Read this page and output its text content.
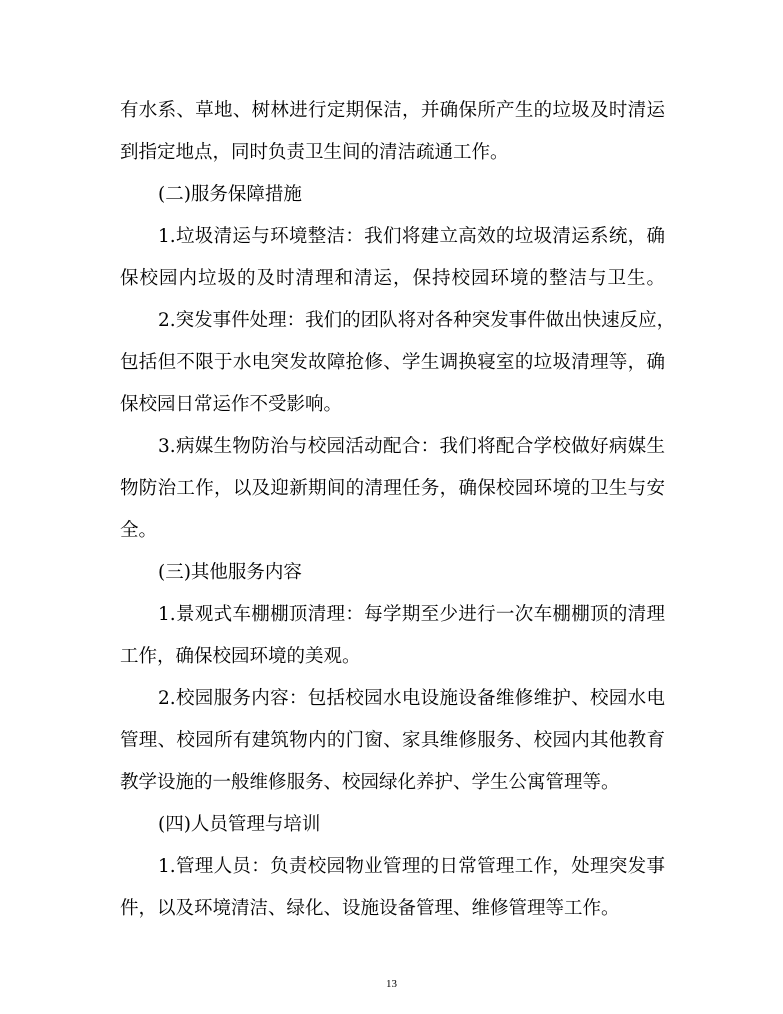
有水系、草地、树林进行定期保洁，并确保所产生的垃圾及时清运
到指定地点，同时负责卫生间的清洁疏通工作。
(二)服务保障措施
1.垃圾清运与环境整洁：我们将建立高效的垃圾清运系统，确
保校园内垃圾的及时清理和清运，保持校园环境的整洁与卫生。
2.突发事件处理：我们的团队将对各种突发事件做出快速反应，
包括但不限于水电突发故障抢修、学生调换寝室的垃圾清理等，确
保校园日常运作不受影响。
3.病媒生物防治与校园活动配合：我们将配合学校做好病媒生
物防治工作，以及迎新期间的清理任务，确保校园环境的卫生与安
全。
(三)其他服务内容
1.景观式车棚棚顶清理：每学期至少进行一次车棚棚顶的清理
工作，确保校园环境的美观。
2.校园服务内容：包括校园水电设施设备维修维护、校园水电
管理、校园所有建筑物内的门窗、家具维修服务、校园内其他教育
教学设施的一般维修服务、校园绿化养护、学生公寓管理等。
(四)人员管理与培训
1.管理人员：负责校园物业管理的日常管理工作，处理突发事
件，以及环境清洁、绿化、设施设备管理、维修管理等工作。
13
